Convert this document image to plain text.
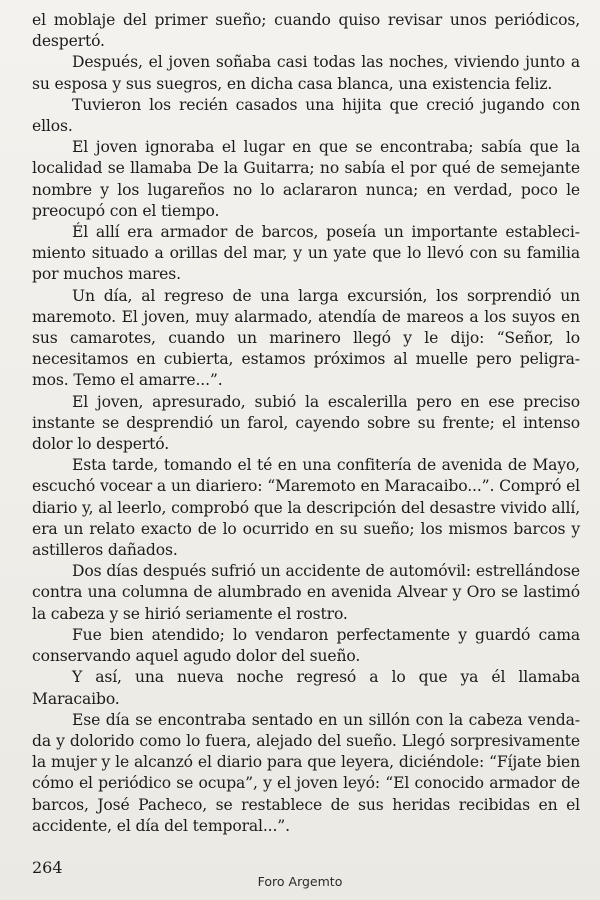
el moblaje del primer sueño; cuando quiso revisar unos periódicos, despertó.

Después, el joven soñaba casi todas las noches, viviendo junto a su esposa y sus suegros, en dicha casa blanca, una existencia feliz.

Tuvieron los recién casados una hijita que creció jugando con ellos.

El joven ignoraba el lugar en que se encontraba; sabía que la localidad se llamaba De la Guitarra; no sabía el por qué de semejante nombre y los lugareños no lo aclararon nunca; en verdad, poco le preocupó con el tiempo.

Él allí era armador de barcos, poseía un importante establecimiento situado a orillas del mar, y un yate que lo llevó con su familia por muchos mares.

Un día, al regreso de una larga excursión, los sorprendió un maremoto. El joven, muy alarmado, atendía de mareos a los suyos en sus camarotes, cuando un marinero llegó y le dijo: “Señor, lo necesitamos en cubierta, estamos próximos al muelle pero peligramos. Temo el amarre...”.

El joven, apresurado, subió la escalerilla pero en ese preciso instante se desprendió un farol, cayendo sobre su frente; el intenso dolor lo despertó.

Esta tarde, tomando el té en una confitería de avenida de Mayo, escuchó vocear a un diariero: “Maremoto en Maracaibo...”. Compró el diario y, al leerlo, comprobó que la descripción del desastre vivido allí, era un relato exacto de lo ocurrido en su sueño; los mismos barcos y astilleros dañados.

Dos días después sufrió un accidente de automóvil: estrellándose contra una columna de alumbrado en avenida Alvear y Oro se lastimó la cabeza y se hirió seriamente el rostro.

Fue bien atendido; lo vendaron perfectamente y guardó cama conservando aquel agudo dolor del sueño.

Y así, una nueva noche regresó a lo que ya él llamaba Maracaibo.

Ese día se encontraba sentado en un sillón con la cabeza vendada y dolorido como lo fuera, alejado del sueño. Llegó sorpresivamente la mujer y le alcanzó el diario para que leyera, diciéndole: “Fíjate bien cómo el periódico se ocupa”, y el joven leyó: “El conocido armador de barcos, José Pacheco, se restablece de sus heridas recibidas en el accidente, el día del temporal...”.

264
Foro Argemto
